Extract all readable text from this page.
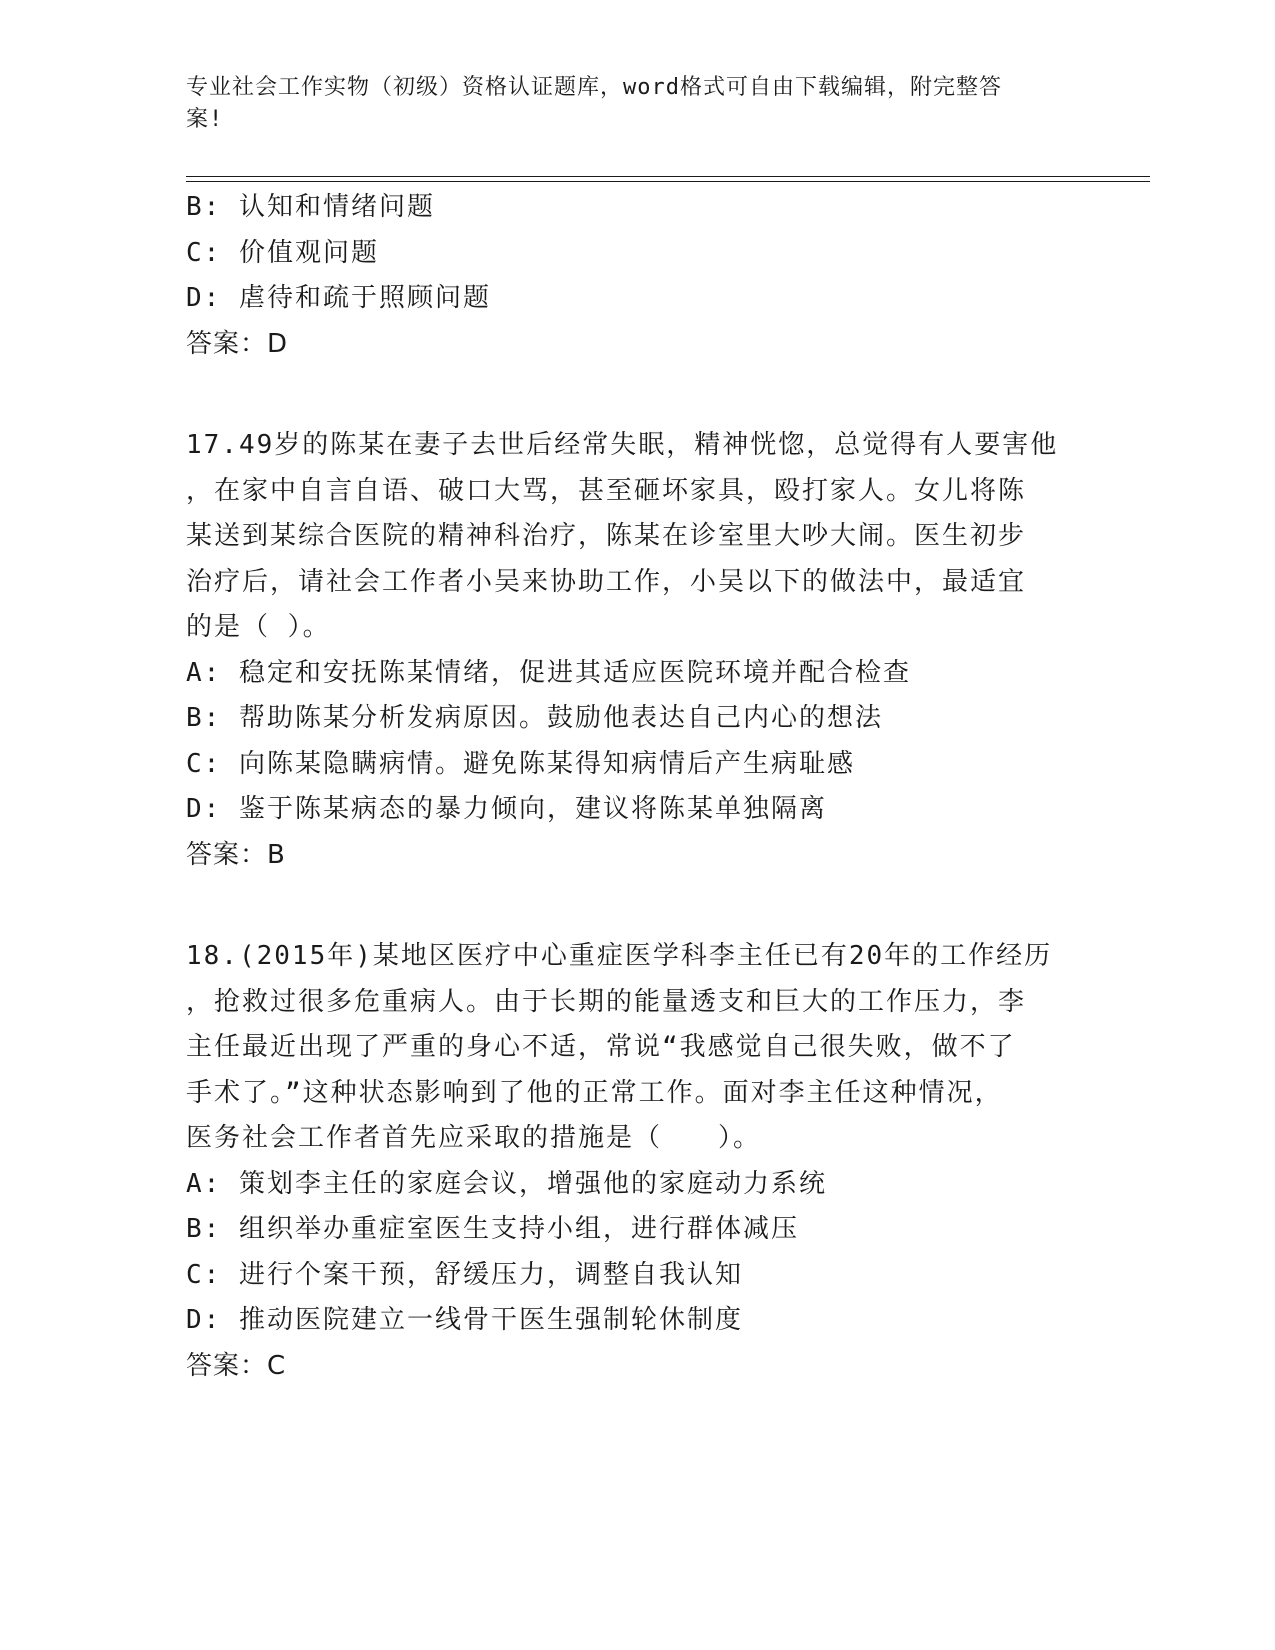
专业社会工作实物（初级）资格认证题库，word格式可自由下载编辑，附完整答
案!
B: 认知和情绪问题
C: 价值观问题
D: 虐待和疏于照顾问题
答案：D
17.49岁的陈某在妻子去世后经常失眠，精神恍惚，总觉得有人要害他
，在家中自言自语、破口大骂，甚至砸坏家具，殴打家人。女儿将陈
某送到某综合医院的精神科治疗，陈某在诊室里大吵大闹。医生初步
治疗后，请社会工作者小吴来协助工作，小吴以下的做法中，最适宜
的是（ ）。
A: 稳定和安抚陈某情绪，促进其适应医院环境并配合检查
B: 帮助陈某分析发病原因。鼓励他表达自己内心的想法
C: 向陈某隐瞒病情。避免陈某得知病情后产生病耻感
D: 鉴于陈某病态的暴力倾向，建议将陈某单独隔离
答案：B
18.(2015年)某地区医疗中心重症医学科李主任已有20年的工作经历
，抢救过很多危重病人。由于长期的能量透支和巨大的工作压力，李
主任最近出现了严重的身心不适，常说“我感觉自己很失败，做不了
手术了。”这种状态影响到了他的正常工作。面对李主任这种情况，
医务社会工作者首先应采取的措施是（　　）。
A: 策划李主任的家庭会议，增强他的家庭动力系统
B: 组织举办重症室医生支持小组，进行群体减压
C: 进行个案干预，舒缓压力，调整自我认知
D: 推动医院建立一线骨干医生强制轮休制度
答案：C
